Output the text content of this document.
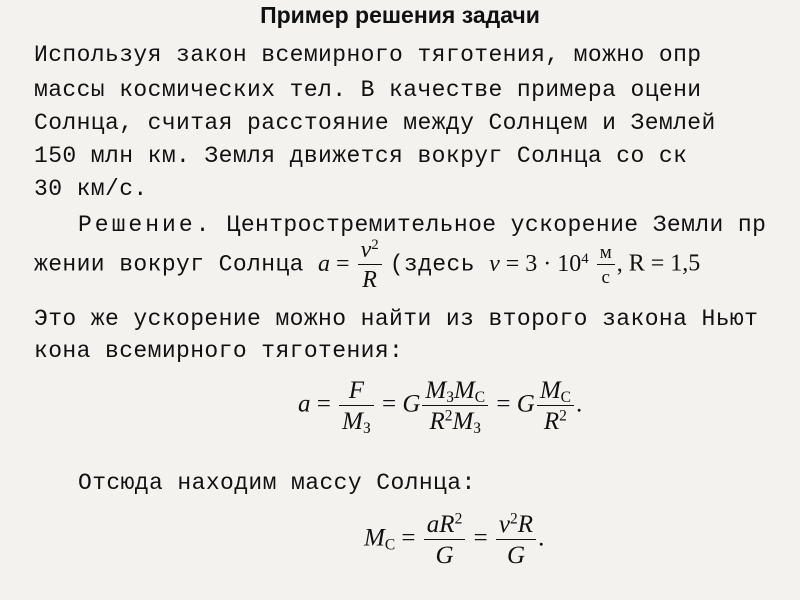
Пример решения задачи
Используя закон всемирного тяготения, можно опр
массы космических тел. В качестве примера оцени
Солнца, считая расстояние между Солнцем и Землей
150 млн км. Земля движется вокруг Солнца со ск
30 км/с.
Решение. Центростремительное ускорение Земли пр
жении вокруг Солнца $a = \frac{v^2}{R}$ (здесь $v = 3 \cdot 10^4 \frac{м}{с}$ , R = 1,5
Это же ускорение можно найти из второго закона Ньют
кона всемирного тяготения:
$a = \frac{F}{M_З} = G \frac{M_ЗM_С}{R^2M_З} = G \frac{M_С}{R^2}$ .
Отсюда находим массу Солнца:
$M_С = \frac{aR^2}{G} = \frac{v^2R}{G}$ .
